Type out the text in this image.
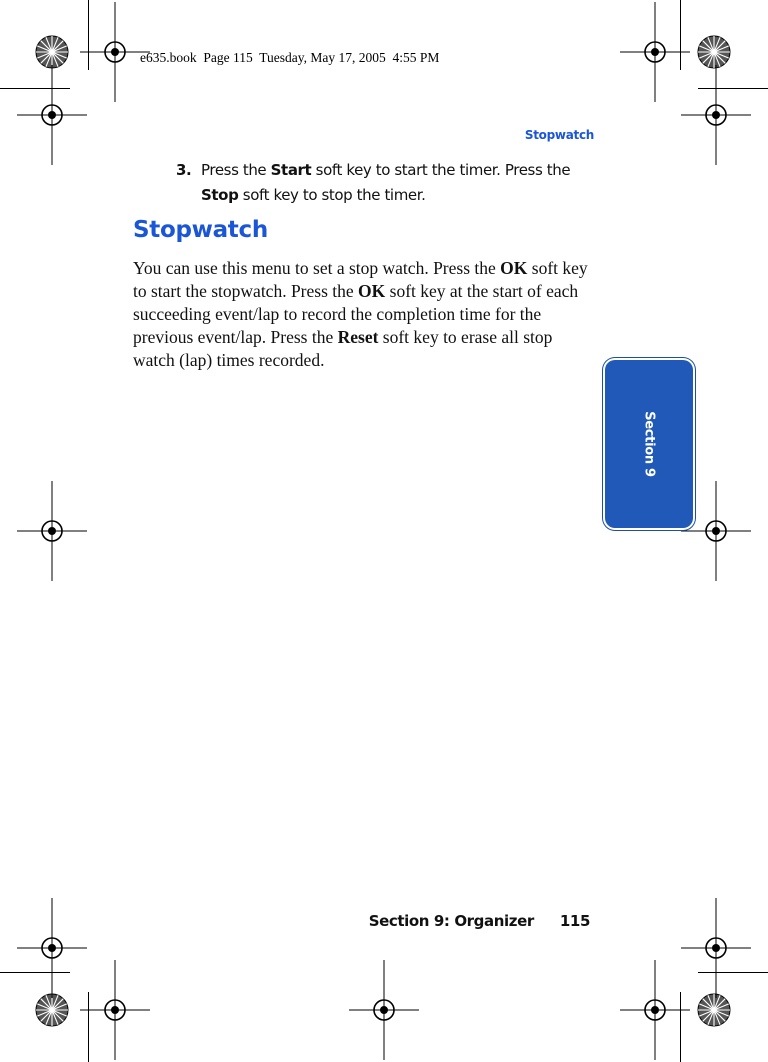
e635.book  Page 115  Tuesday, May 17, 2005  4:55 PM
Stopwatch
3. Press the Start soft key to start the timer. Press the Stop soft key to stop the timer.
Stopwatch

You can use this menu to set a stop watch. Press the OK soft key to start the stopwatch. Press the OK soft key at the start of each succeeding event/lap to record the completion time for the previous event/lap. Press the Reset soft key to erase all stop watch (lap) times recorded.

Section 9
Section 9: Organizer 115
